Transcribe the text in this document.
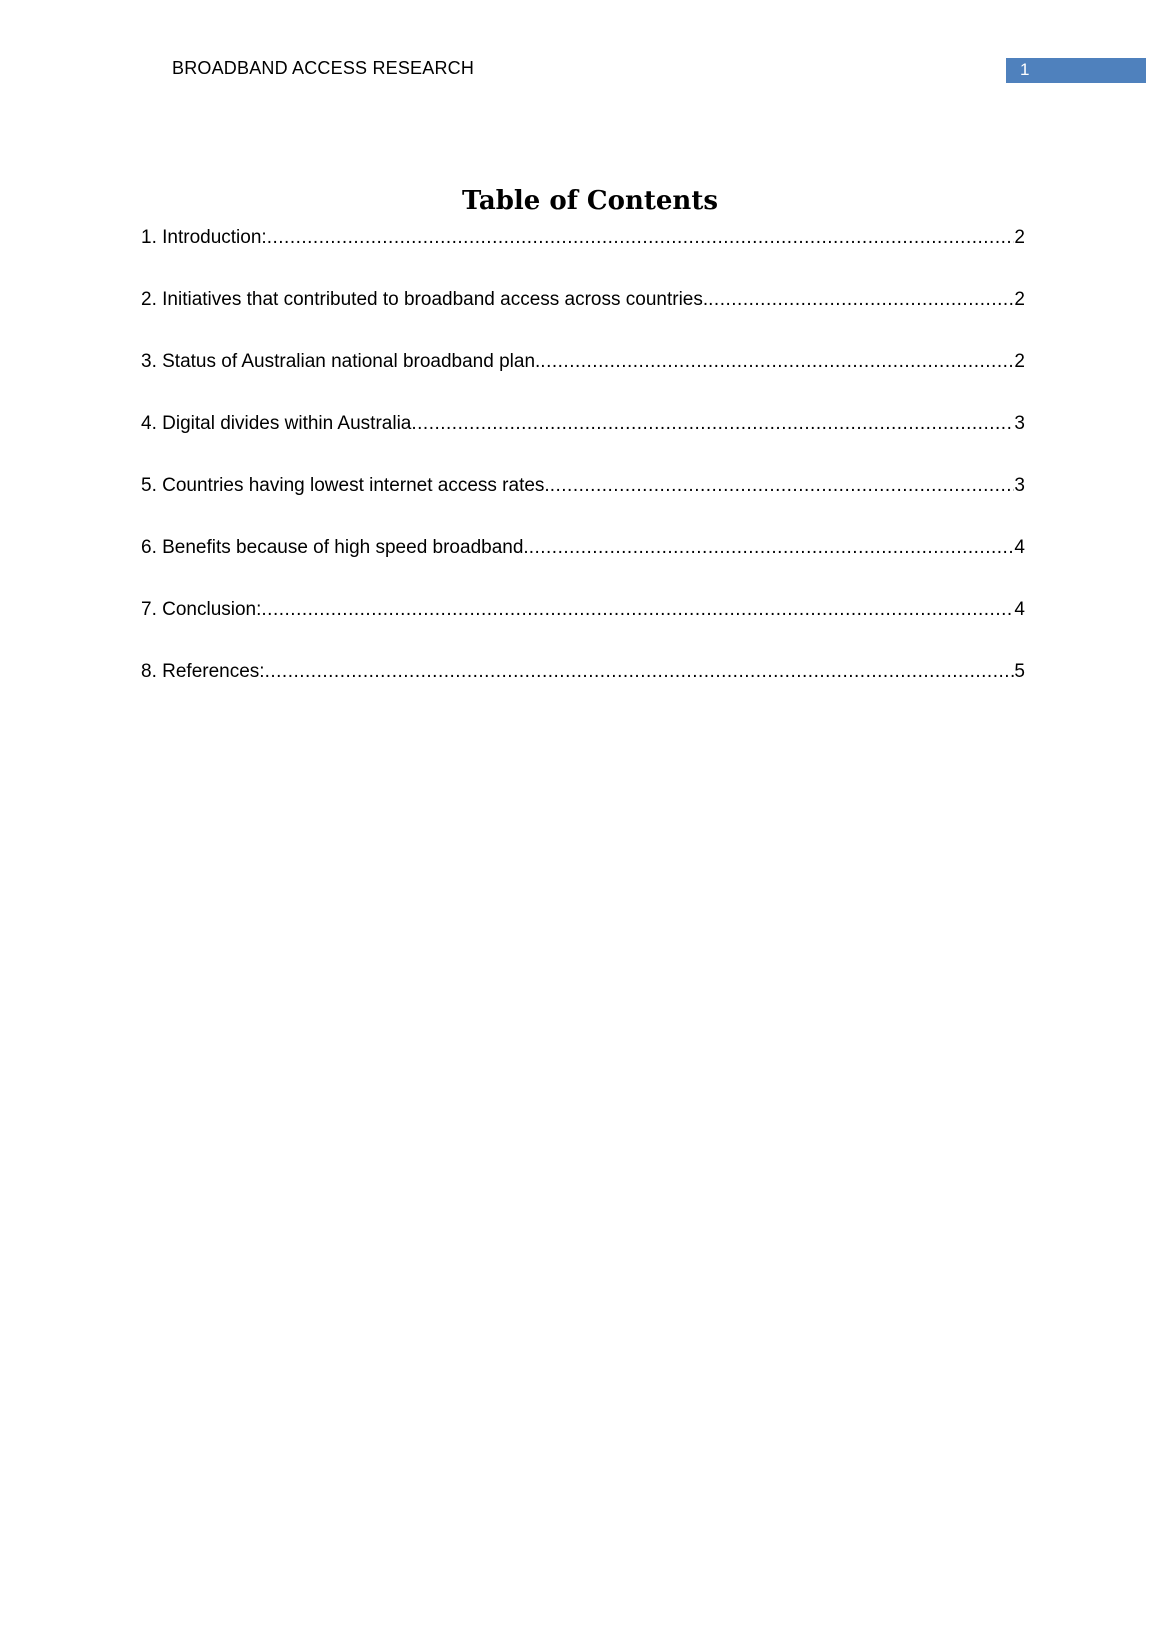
BROADBAND ACCESS RESEARCH	1
Table of Contents
1. Introduction: .....	2
2. Initiatives that contributed to broadband access across countries. .....	2
3. Status of Australian national broadband plan. .....	2
4. Digital divides within Australia .....	3
5. Countries having lowest internet access rates. .....	3
6. Benefits because of high speed broadband. .....	4
7. Conclusion: .....	4
8. References: .....	5
